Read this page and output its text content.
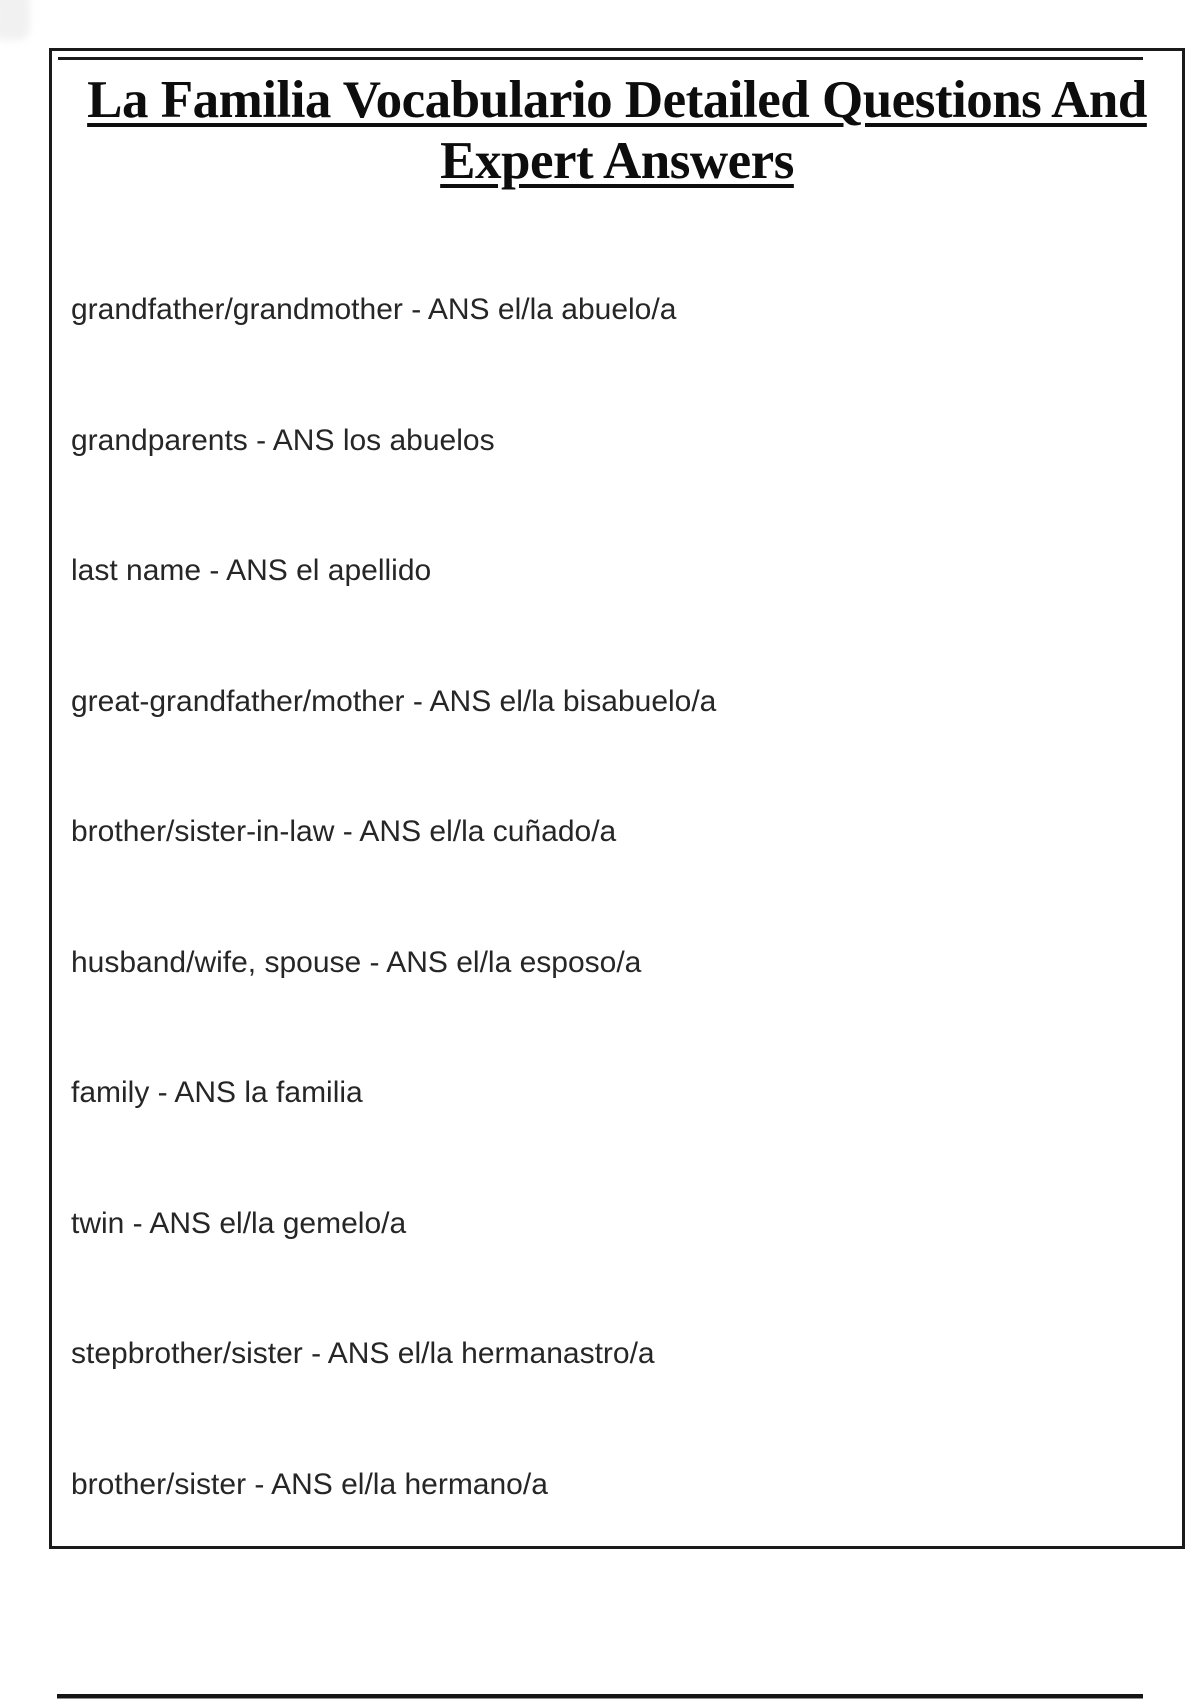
La Familia Vocabulario Detailed Questions And
Expert Answers
grandfather/grandmother - ANS el/la abuelo/a
grandparents - ANS los abuelos
last name - ANS el apellido
great-grandfather/mother - ANS el/la bisabuelo/a
brother/sister-in-law - ANS el/la cuñado/a
husband/wife, spouse - ANS el/la esposo/a
family - ANS la familia
twin - ANS el/la gemelo/a
stepbrother/sister - ANS el/la hermanastro/a
brother/sister - ANS el/la hermano/a
